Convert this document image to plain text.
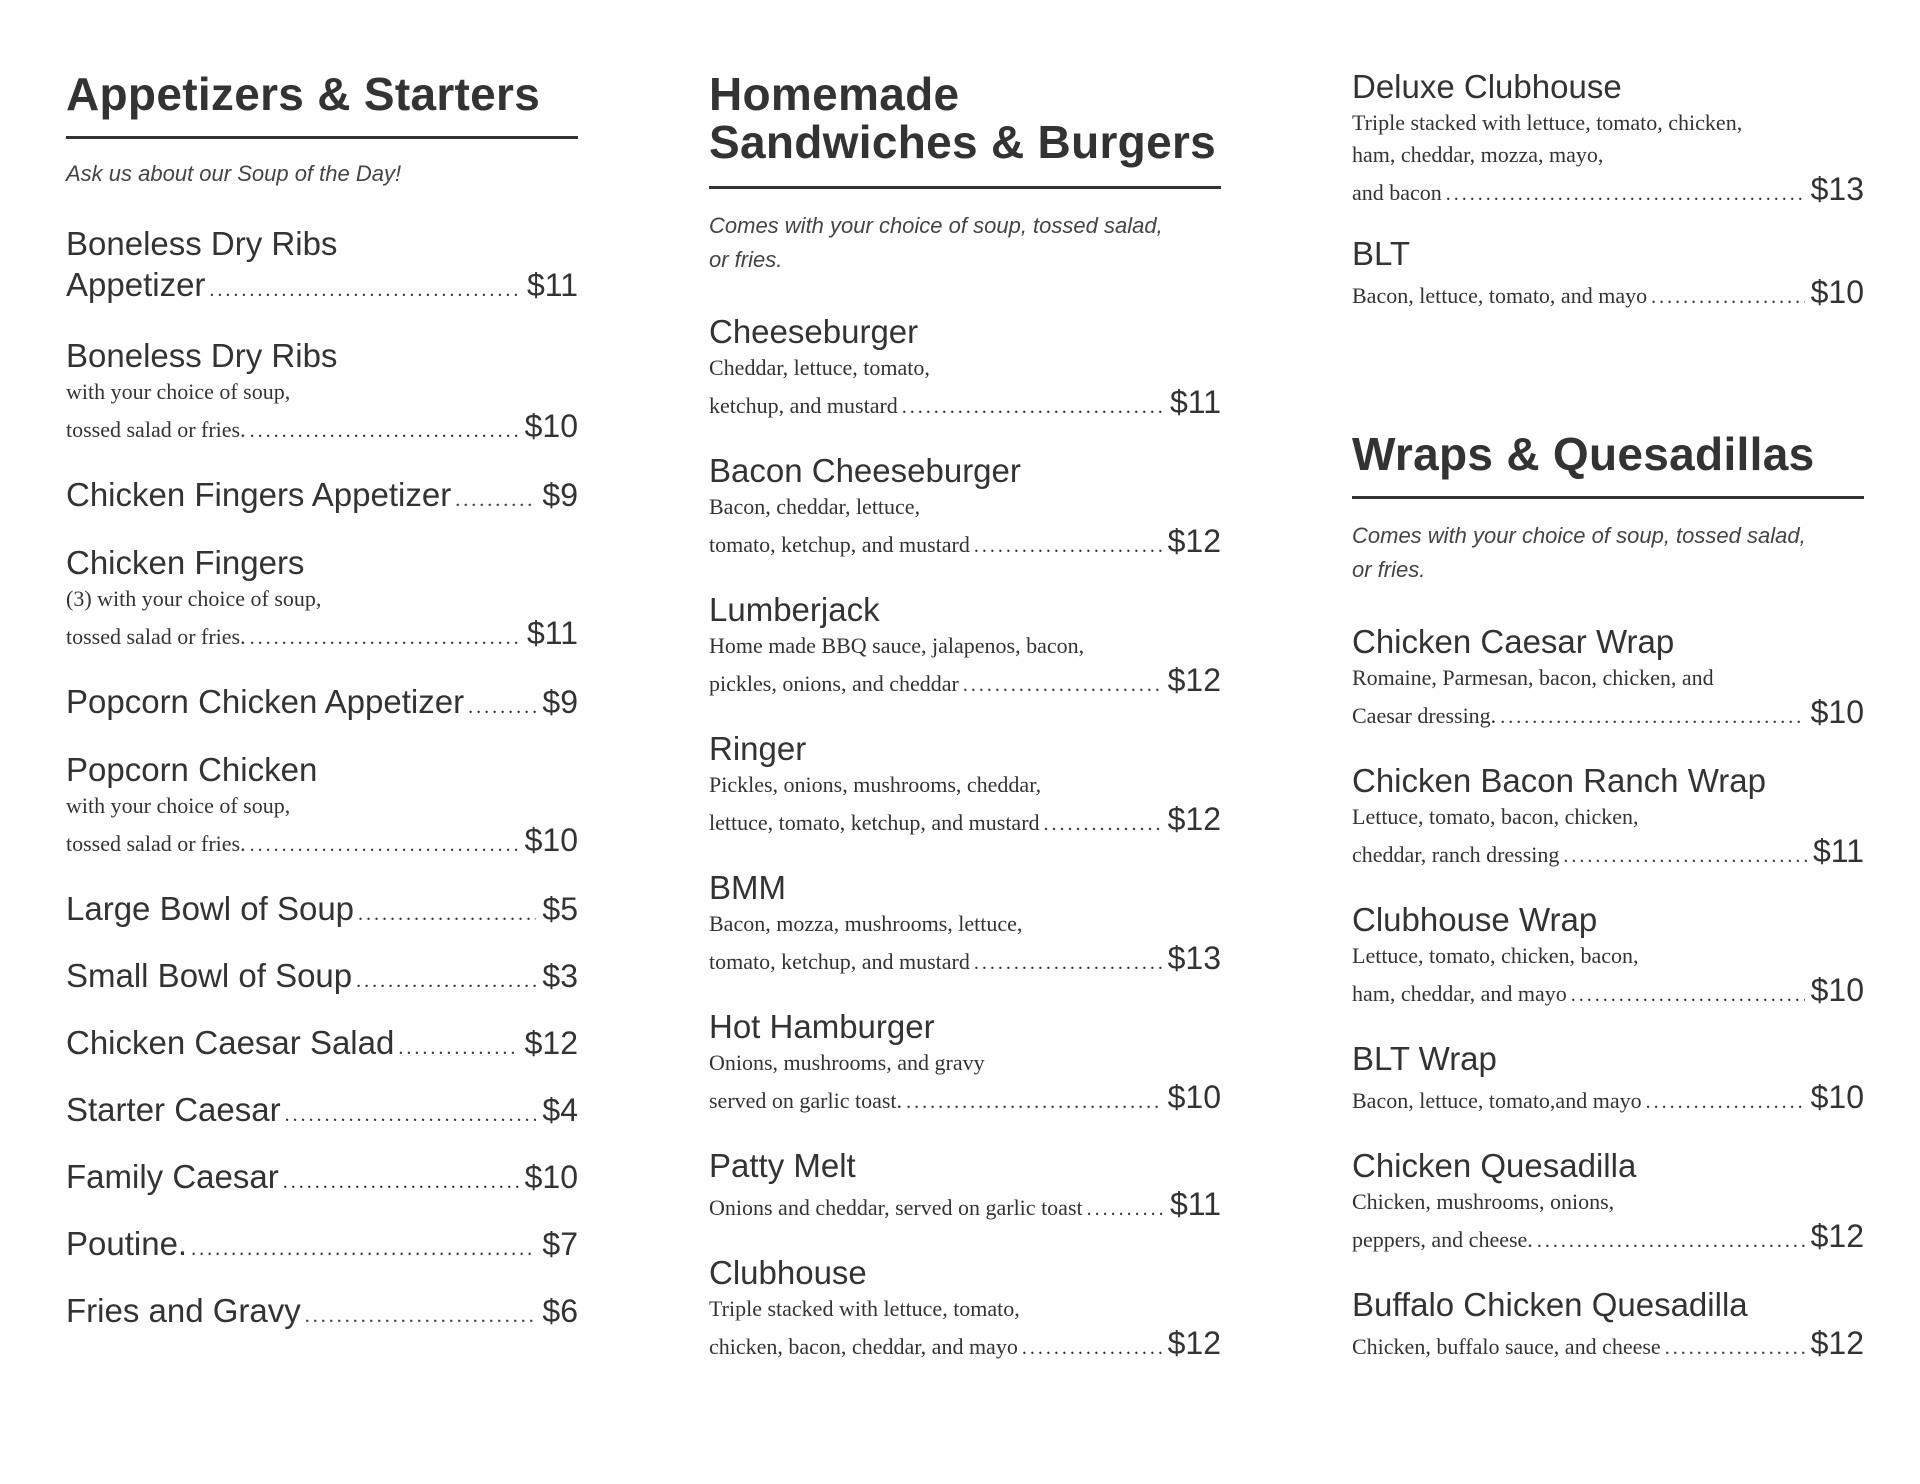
Appetizers & Starters

Ask us about our Soup of the Day!

Boneless Dry Ribs
Appetizer .....	$11
Boneless Dry Ribs
with your choice of soup,
tossed salad or fries. .....	$10
Chicken Fingers Appetizer .....	$9
Chicken Fingers
(3) with your choice of soup,
tossed salad or fries. .....	$11
Popcorn Chicken Appetizer ..... $9
Popcorn Chicken
with your choice of soup,
tossed salad or fries. .....	$10
Large Bowl of Soup .....	$5
Small Bowl of Soup .....	$3
Chicken Caesar Salad .....	$12
Starter Caesar .....	$4
Family Caesar .....	$10
Poutine. .....	$7
Fries and Gravy .....	$6
Homemade
Sandwiches & Burgers
Comes with your choice of soup, tossed salad,
or fries.
Cheeseburger
Cheddar, lettuce, tomato,
ketchup, and mustard .....	$11
Bacon Cheeseburger
Bacon, cheddar, lettuce,
tomato, ketchup, and mustard .....	$12
Lumberjack
Home made BBQ sauce, jalapenos, bacon,
pickles, onions, and cheddar .....	$12
Ringer
Pickles, onions, mushrooms, cheddar,
lettuce, tomato, ketchup, and mustard .....	$12
BMM
Bacon, mozza, mushrooms, lettuce,
tomato, ketchup, and mustard .....	$13
Hot Hamburger
Onions, mushrooms, and gravy
served on garlic toast. .....	$10
Patty Melt
Onions and cheddar, served on garlic toast .....	$11
Clubhouse
Triple stacked with lettuce, tomato,
chicken, bacon, cheddar, and mayo .....	$12
Deluxe Clubhouse
Triple stacked with lettuce, tomato, chicken,
ham, cheddar, mozza, mayo,
and bacon .....	$13
BLT
Bacon, lettuce, tomato, and mayo .....	$10
Wraps & Quesadillas
Comes with your choice of soup, tossed salad,
or fries.
Chicken Caesar Wrap
Romaine, Parmesan, bacon, chicken, and
Caesar dressing. .....	$10
Chicken Bacon Ranch Wrap
Lettuce, tomato, bacon, chicken,
cheddar, ranch dressing .....	$11
Clubhouse Wrap
Lettuce, tomato, chicken, bacon,
ham, cheddar, and mayo .....	$10
BLT Wrap
Bacon, lettuce, tomato,and mayo .....	$10
Chicken Quesadilla
Chicken, mushrooms, onions,
peppers, and cheese. .....	$12
Buffalo Chicken Quesadilla
Chicken, buffalo sauce, and cheese .....	$12
